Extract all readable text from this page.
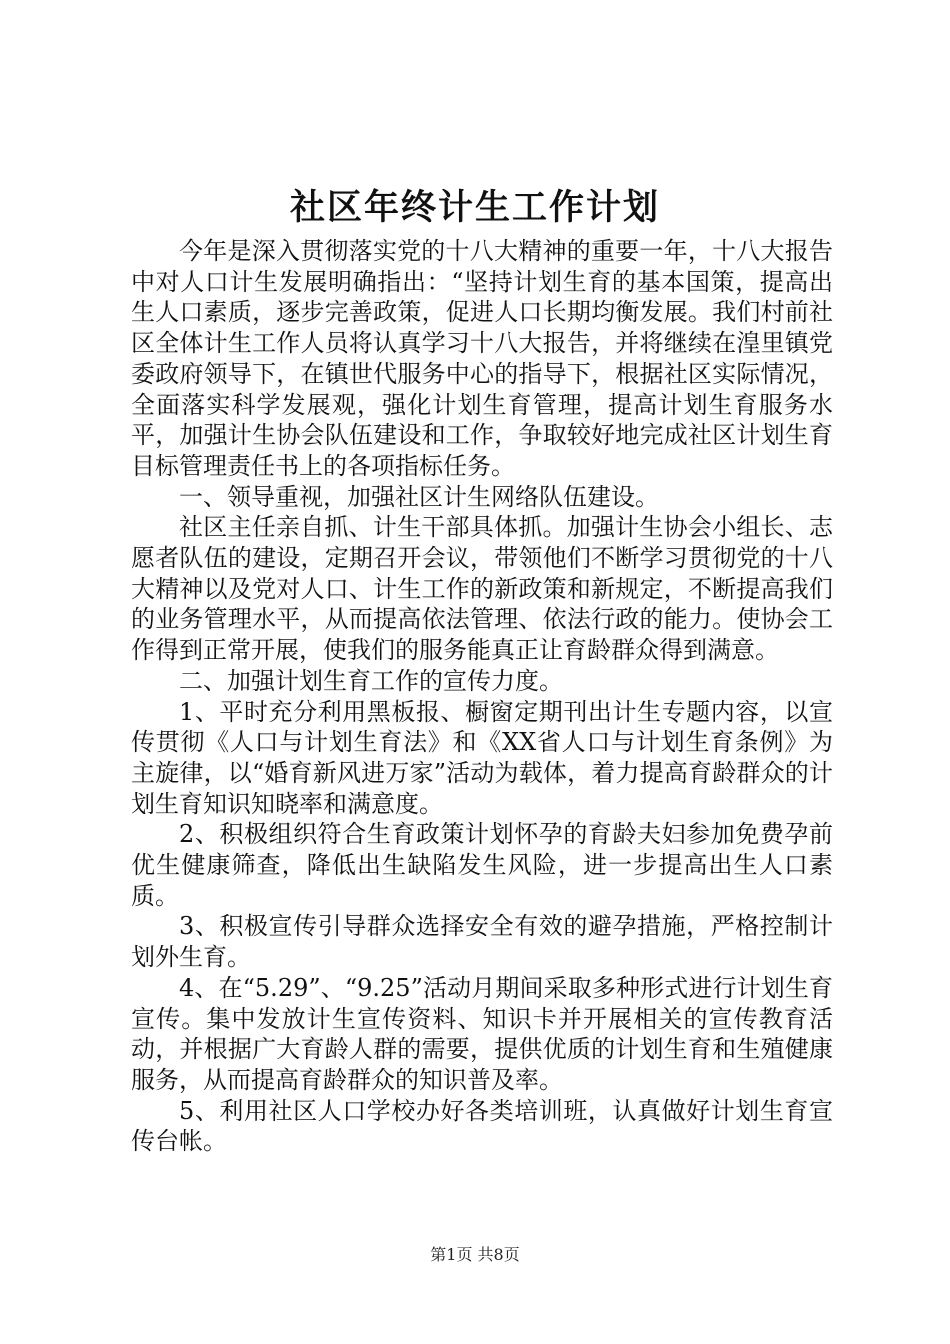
社区年终计生工作计划

今年是深入贯彻落实党的十八大精神的重要一年，十八大报告中对人口计生发展明确指出：“坚持计划生育的基本国策，提高出生人口素质，逐步完善政策，促进人口长期均衡发展。我们村前社区全体计生工作人员将认真学习十八大报告，并将继续在湟里镇党委政府领导下，在镇世代服务中心的指导下，根据社区实际情况，全面落实科学发展观，强化计划生育管理，提高计划生育服务水平，加强计生协会队伍建设和工作，争取较好地完成社区计划生育目标管理责任书上的各项指标任务。

一、领导重视，加强社区计生网络队伍建设。

社区主任亲自抓、计生干部具体抓。加强计生协会小组长、志愿者队伍的建设，定期召开会议，带领他们不断学习贯彻党的十八大精神以及党对人口、计生工作的新政策和新规定，不断提高我们的业务管理水平，从而提高依法管理、依法行政的能力。使协会工作得到正常开展，使我们的服务能真正让育龄群众得到满意。

二、加强计划生育工作的宣传力度。

1、平时充分利用黑板报、橱窗定期刊出计生专题内容，以宣传贯彻《人口与计划生育法》和《XX省人口与计划生育条例》为主旋律，以“婚育新风进万家”活动为载体，着力提高育龄群众的计划生育知识知晓率和满意度。

2、积极组织符合生育政策计划怀孕的育龄夫妇参加免费孕前优生健康筛查，降低出生缺陷发生风险，进一步提高出生人口素质。

3、积极宣传引导群众选择安全有效的避孕措施，严格控制计划外生育。

4、在“5.29”、“9.25”活动月期间采取多种形式进行计划生育宣传。集中发放计生宣传资料、知识卡并开展相关的宣传教育活动，并根据广大育龄人群的需要，提供优质的计划生育和生殖健康服务，从而提高育龄群众的知识普及率。

5、利用社区人口学校办好各类培训班，认真做好计划生育宣传台帐。

第1页 共8页
